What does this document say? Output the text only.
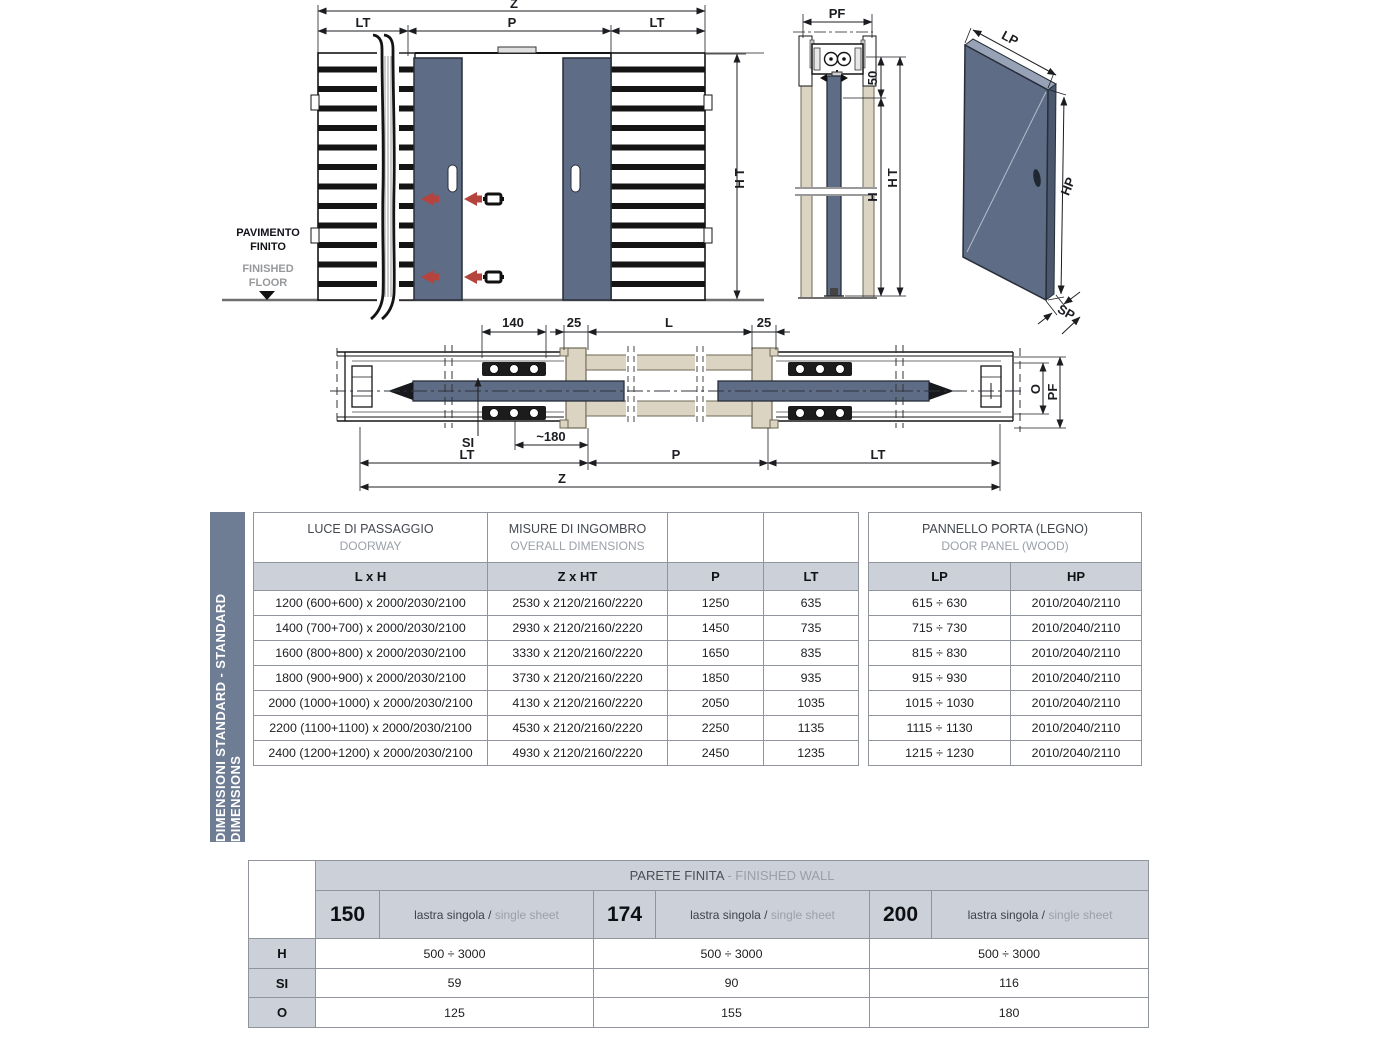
Z
LT	P	LT
HT
PAVIMENTO
FINITO
FINISHED
FLOOR
PF
50
H
HT
LP
HP
SP
140	25	L	25
SI	~180
LT	P	LT
Z
O PF
DIMENSIONI STANDARD - STANDARD DIMENSIONS
LUCE DI PASSAGGIO
DOORWAY

MISURE DI INGOMBRO
OVERALL DIMENSIONS

L x H	Z x HT	P	LT
1200 (600+600) x 2000/2030/2100	2530 x 2120/2160/2220	1250	635
1400 (700+700) x 2000/2030/2100	2930 x 2120/2160/2220	1450	735
1600 (800+800) x 2000/2030/2100	3330 x 2120/2160/2220	1650	835
1800 (900+900) x 2000/2030/2100	3730 x 2120/2160/2220	1850	935
2000 (1000+1000) x 2000/2030/2100	4130 x 2120/2160/2220	2050	1035
2200 (1100+1100) x 2000/2030/2100	4530 x 2120/2160/2220	2250	1135
2400 (1200+1200) x 2000/2030/2100	4930 x 2120/2160/2220	2450	1235
PANNELLO PORTA (LEGNO)
DOOR PANEL (WOOD)	

LP	HP
615 ÷ 630	2010/2040/2110
715 ÷ 730	2010/2040/2110
815 ÷ 830	2010/2040/2110
915 ÷ 930	2010/2040/2110
1015 ÷ 1030	2010/2040/2110
1115 ÷ 1130	2010/2040/2110
1215 ÷ 1230	2010/2040/2110
	PARETE FINITA - FINISHED WALL					
	150	lastra singola / single sheet	174	lastra singola / single sheet	200	lastra singola / single sheet
H	500 ÷ 3000		500 ÷ 3000		500 ÷ 3000	
SI	59		90		116	
O	125		155		180	
